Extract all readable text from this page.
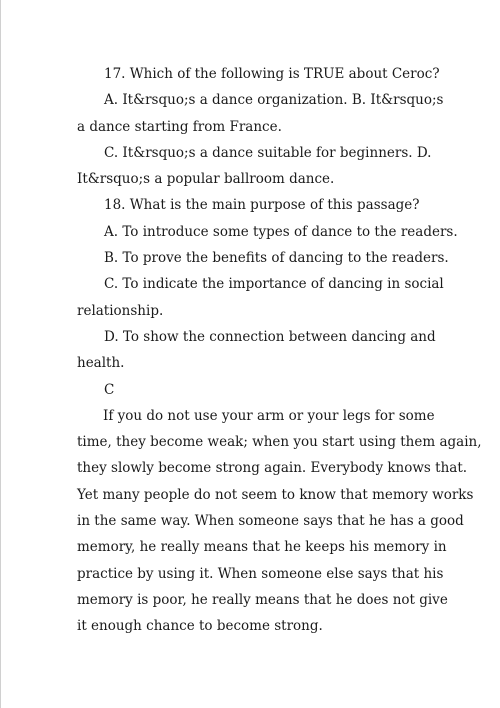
17. Which of the following is TRUE about Ceroc?
A. It&rsquo;s a dance organization. B. It&rsquo;s
a dance starting from France.
C. It&rsquo;s a dance suitable for beginners. D.
It&rsquo;s a popular ballroom dance.
18. What is the main purpose of this passage?
A. To introduce some types of dance to the readers.
B. To prove the benefits of dancing to the readers.
C. To indicate the importance of dancing in social
relationship.
D. To show the connection between dancing and
health.
C
If you do not use your arm or your legs for some
time, they become weak; when you start using them again,
they slowly become strong again. Everybody knows that.
Yet many people do not seem to know that memory works
in the same way. When someone says that he has a good
memory, he really means that he keeps his memory in
practice by using it. When someone else says that his
memory is poor, he really means that he does not give
it enough chance to become strong.
